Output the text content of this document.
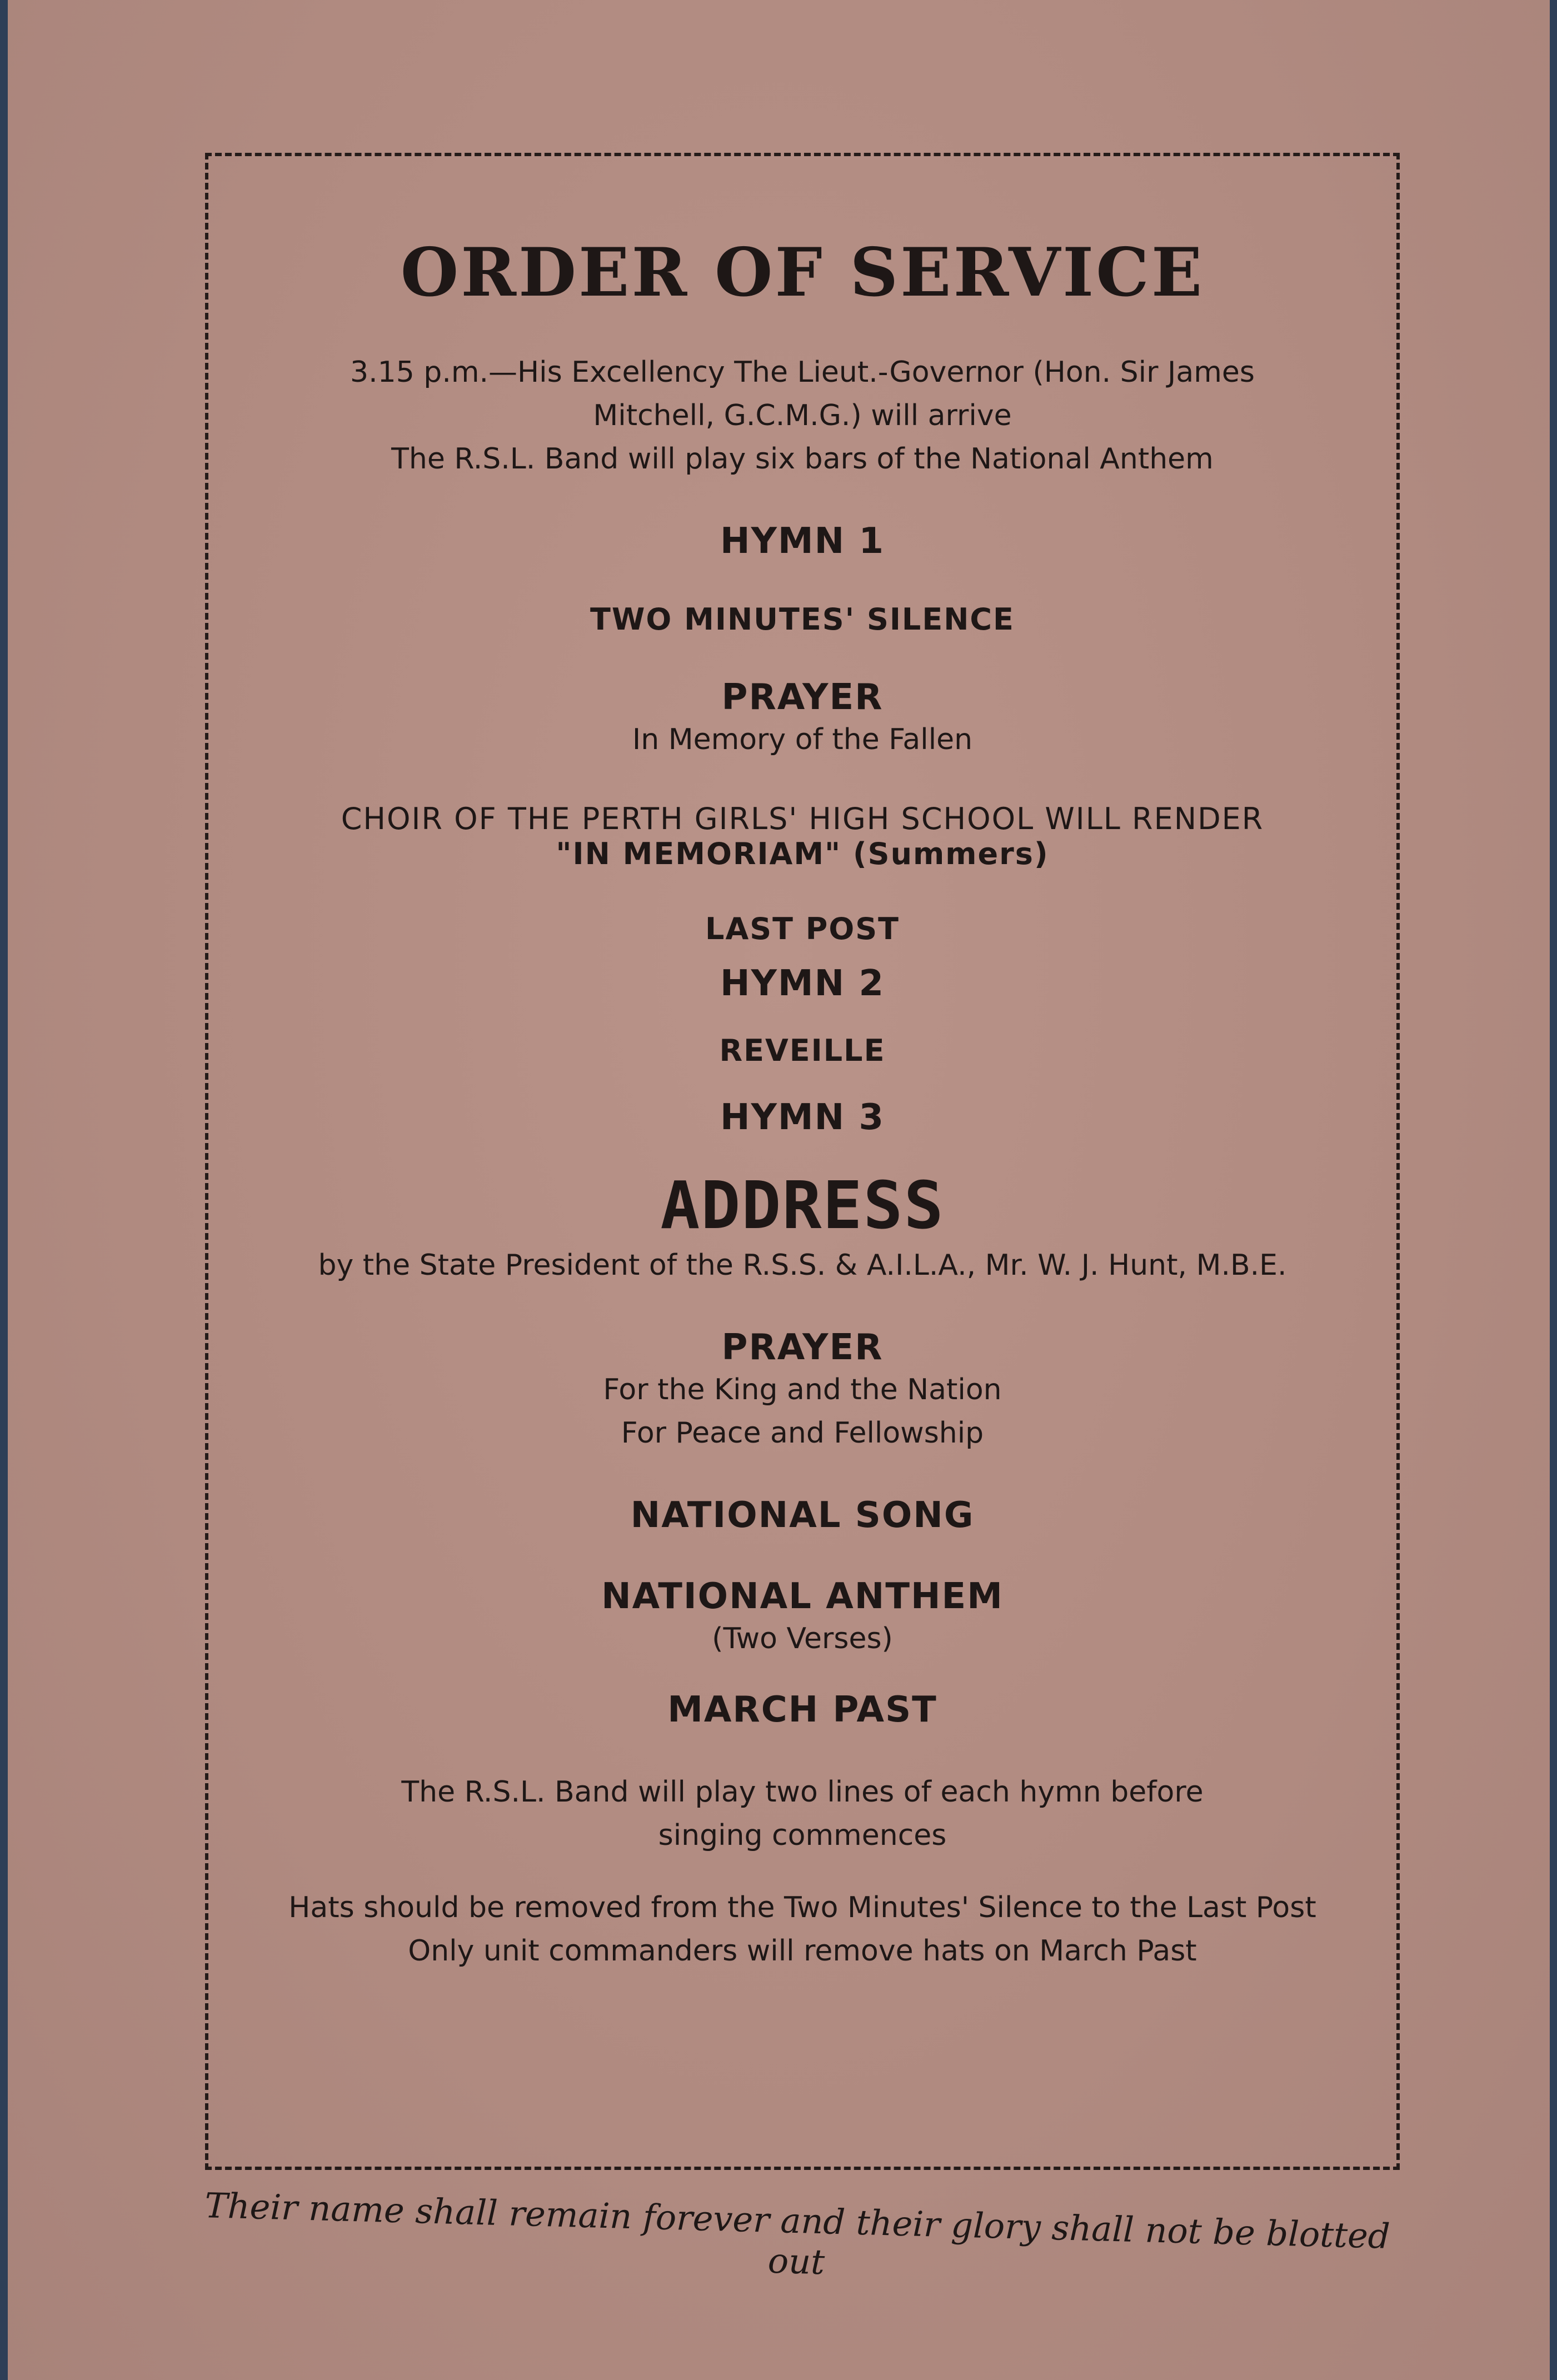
ORDER OF SERVICE

3.15 p.m.—His Excellency The Lieut.-Governor (Hon. Sir James

Mitchell, G.C.M.G.) will arrive

The R.S.L. Band will play six bars of the National Anthem

HYMN 1

TWO MINUTES' SILENCE

PRAYER

In Memory of the Fallen

CHOIR OF THE PERTH GIRLS' HIGH SCHOOL WILL RENDER

"IN MEMORIAM" (Summers)

LAST POST

HYMN 2

REVEILLE

HYMN 3

ADDRESS

by the State President of the R.S.S. & A.I.L.A., Mr. W. J. Hunt, M.B.E.

PRAYER

For the King and the Nation

For Peace and Fellowship

NATIONAL SONG

NATIONAL ANTHEM

(Two Verses)

MARCH PAST

The R.S.L. Band will play two lines of each hymn before

singing commences

Hats should be removed from the Two Minutes' Silence to the Last Post

Only unit commanders will remove hats on March Past

Their name shall remain forever and their glory shall not be blotted out
